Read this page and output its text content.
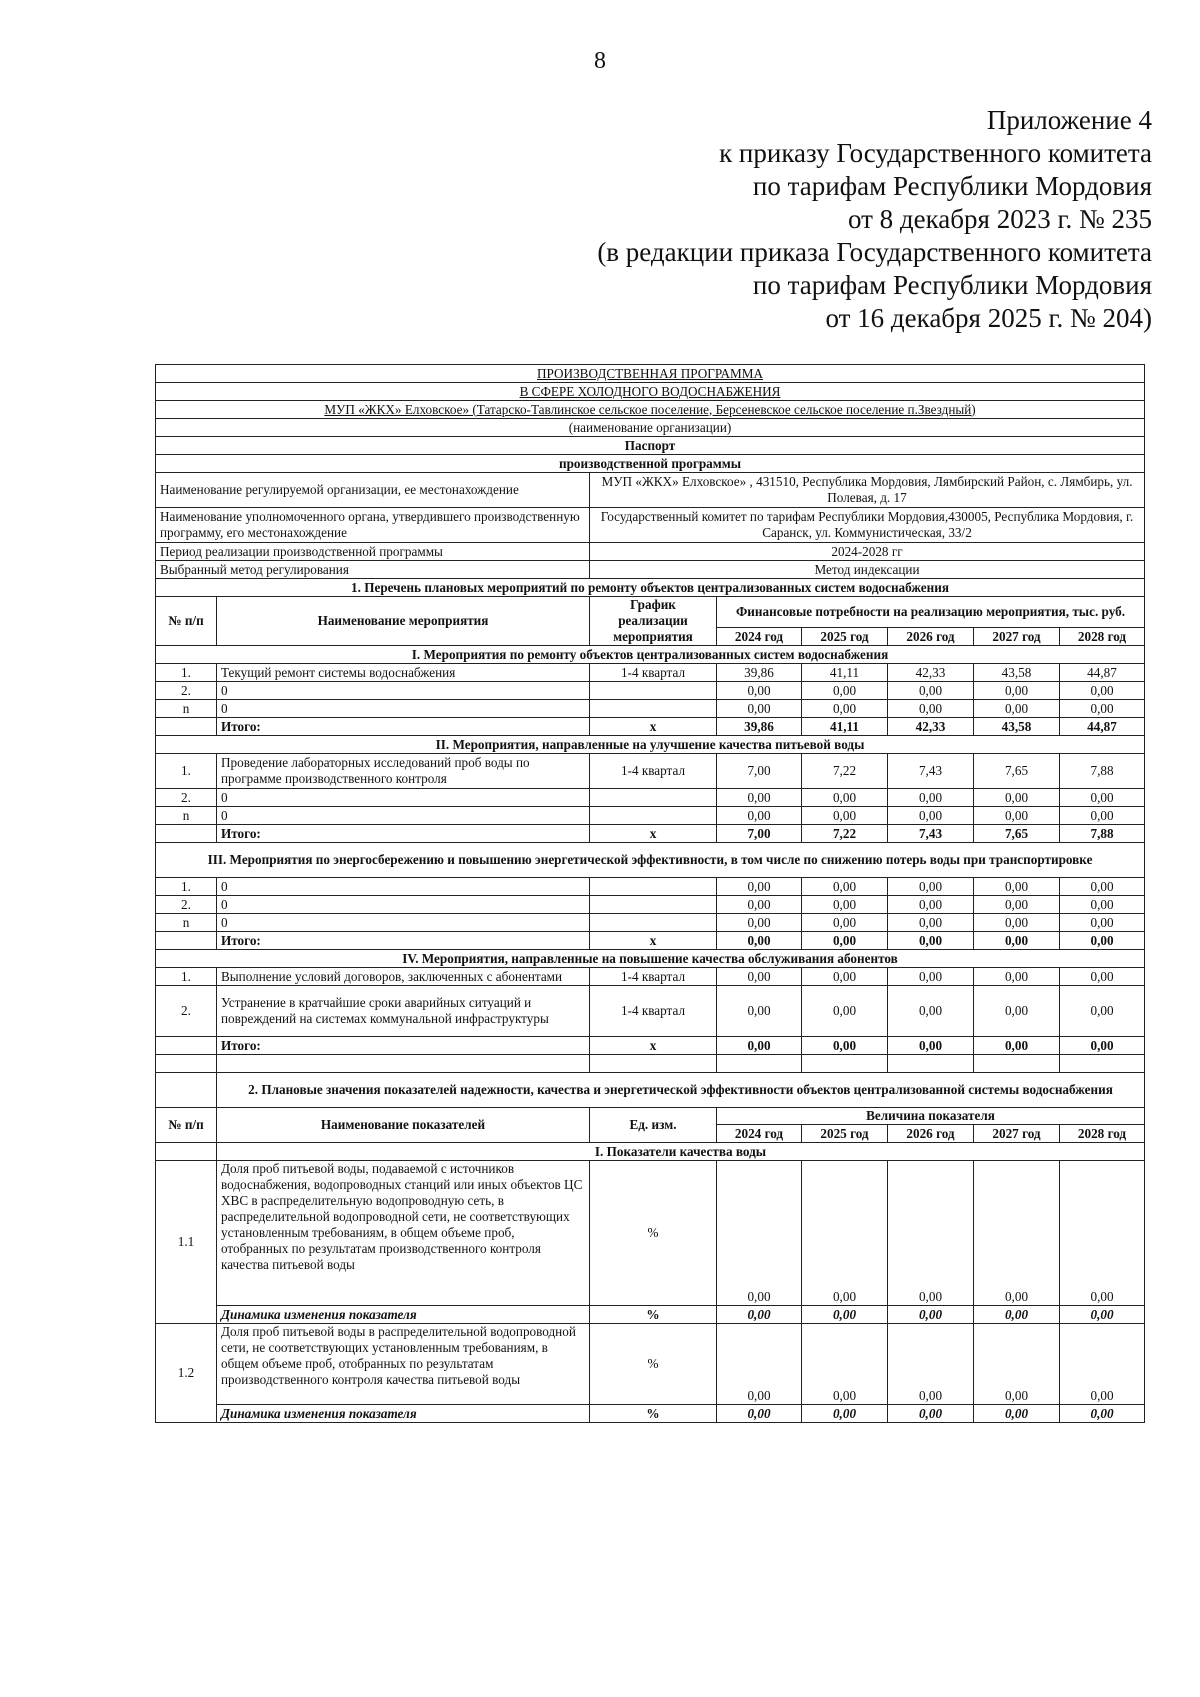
8
Приложение 4
к приказу Государственного комитета
по тарифам Республики Мордовия
от 8 декабря 2023 г. № 235
(в редакции приказа Государственного комитета
по тарифам Республики Мордовия
от 16 декабря 2025 г. № 204)
ПРОИЗВОДСТВЕННАЯ ПРОГРАММА							
В СФЕРЕ ХОЛОДНОГО ВОДОСНАБЖЕНИЯ							
МУП «ЖКХ» Елховское» (Татарско-Тавлинское сельское поселение, Берсеневское сельское поселение п.Звездный)							
(наименование организации)							
Паспорт							
производственной программы							
Наименование регулируемой организации, ее местонахождение		МУП «ЖКХ» Елховское» , 431510, Республика Мордовия, Лямбирский Район, с. Лямбирь, ул. Полевая, д. 17					
Наименование уполномоченного органа, утвердившего производственную программу, его местонахождение		Государственный комитет по тарифам Республики Мордовия,430005, Республика Мордовия, г. Саранск, ул. Коммунистическая, 33/2					
Период реализации производственной программы		2024-2028 гг					
Выбранный метод регулирования		Метод индексации					
1. Перечень плановых мероприятий по ремонту объектов централизованных систем водоснабжения							
№ п/п	Наименование мероприятия	График реализации мероприятия	Финансовые потребности на реализацию мероприятия, тыс. руб.				
			2024 год	2025 год	2026 год	2027 год	2028 год
I. Мероприятия по ремонту объектов централизованных систем водоснабжения							
1.	Текущий ремонт системы водоснабжения	1-4 квартал	39,86	41,11	42,33	43,58	44,87
2.	0		0,00	0,00	0,00	0,00	0,00
n	0		0,00	0,00	0,00	0,00	0,00
	Итого:	x	39,86	41,11	42,33	43,58	44,87
II. Мероприятия, направленные на улучшение качества питьевой воды							
1.	Проведение лабораторных исследований проб воды по программе производственного контроля	1-4 квартал	7,00	7,22	7,43	7,65	7,88
2.	0		0,00	0,00	0,00	0,00	0,00
n	0		0,00	0,00	0,00	0,00	0,00
	Итого:	x	7,00	7,22	7,43	7,65	7,88
III. Мероприятия по энергосбережению и повышению энергетической эффективности, в том числе по снижению потерь воды при транспортировке							
1.	0		0,00	0,00	0,00	0,00	0,00
2.	0		0,00	0,00	0,00	0,00	0,00
n	0		0,00	0,00	0,00	0,00	0,00
	Итого:	x	0,00	0,00	0,00	0,00	0,00
IV. Мероприятия, направленные на повышение качества обслуживания абонентов							
1.	Выполнение условий договоров, заключенных с абонентами	1-4 квартал	0,00	0,00	0,00	0,00	0,00
2.	Устранение в кратчайшие сроки аварийных ситуаций и повреждений на системах коммунальной инфраструктуры	1-4 квартал	0,00	0,00	0,00	0,00	0,00
	Итого:	x	0,00	0,00	0,00	0,00	0,00

	2. Плановые значения показателей надежности, качества и энергетической эффективности объектов централизованной системы водоснабжения						
№ п/п	Наименование показателей	Ед. изм.	Величина показателя				
			2024 год	2025 год	2026 год	2027 год	2028 год
	I. Показатели качества воды						
1.1	Доля проб питьевой воды, подаваемой с источников водоснабжения, водопроводных станций или иных объектов ЦС ХВС в распределительную водопроводную сеть, в распределительной водопроводной сети, не соответствующих установленным требованиям, в общем объеме проб, отобранных по результатам производственного контроля качества питьевой воды	%	0,00	0,00	0,00	0,00	0,00
	Динамика изменения показателя	%	0,00	0,00	0,00	0,00	0,00
1.2	Доля проб питьевой воды в распределительной водопроводной сети, не соответствующих установленным требованиям, в общем объеме проб, отобранных по результатам производственного контроля качества питьевой воды	%	0,00	0,00	0,00	0,00	0,00
	Динамика изменения показателя	%	0,00	0,00	0,00	0,00	0,00
